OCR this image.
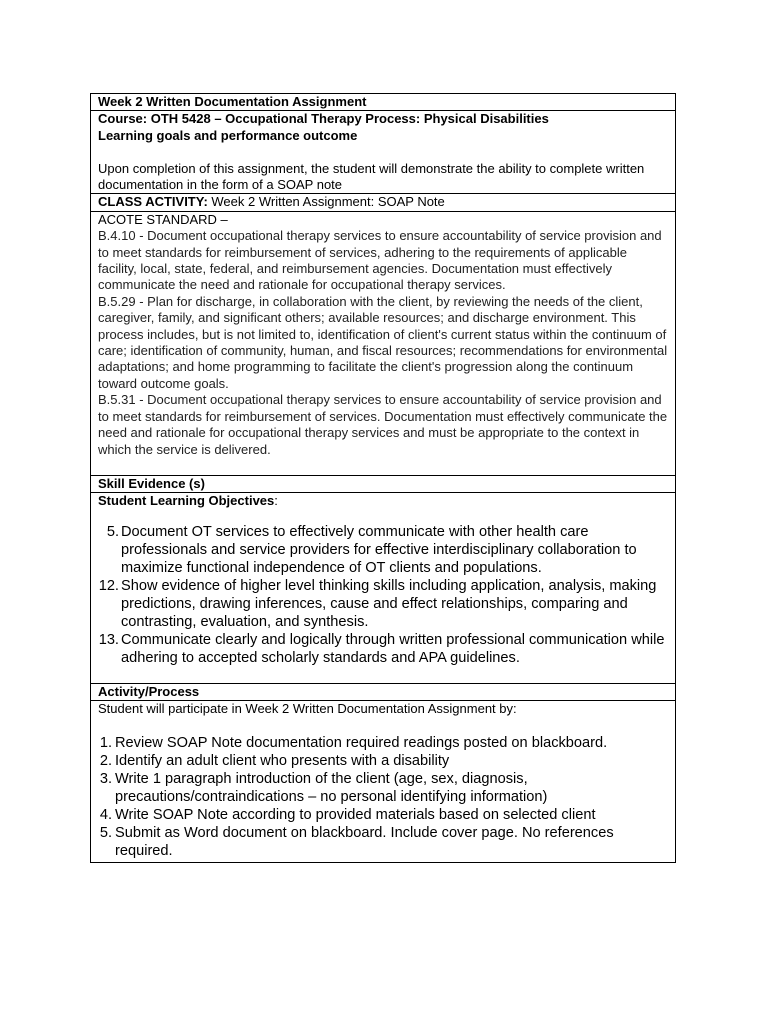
Week 2 Written Documentation Assignment
Course: OTH 5428 – Occupational Therapy Process: Physical Disabilities
Learning goals and performance outcome
Upon completion of this assignment, the student will demonstrate the ability to complete written documentation in the form of a SOAP note
CLASS ACTIVITY: Week 2 Written Assignment: SOAP Note
ACOTE STANDARD –
B.4.10 - Document occupational therapy services to ensure accountability of service provision and to meet standards for reimbursement of services, adhering to the requirements of applicable facility, local, state, federal, and reimbursement agencies. Documentation must effectively communicate the need and rationale for occupational therapy services.
B.5.29 - Plan for discharge, in collaboration with the client, by reviewing the needs of the client, caregiver, family, and significant others; available resources; and discharge environment. This process includes, but is not limited to, identification of client's current status within the continuum of care; identification of community, human, and fiscal resources; recommendations for environmental adaptations; and home programming to facilitate the client's progression along the continuum toward outcome goals.
B.5.31 - Document occupational therapy services to ensure accountability of service provision and to meet standards for reimbursement of services. Documentation must effectively communicate the need and rationale for occupational therapy services and must be appropriate to the context in which the service is delivered.
Skill Evidence (s)
Student Learning Objectives:
5. Document OT services to effectively communicate with other health care professionals and service providers for effective interdisciplinary collaboration to maximize functional independence of OT clients and populations.
12. Show evidence of higher level thinking skills including application, analysis, making predictions, drawing inferences, cause and effect relationships, comparing and contrasting, evaluation, and synthesis.
13. Communicate clearly and logically through written professional communication while adhering to accepted scholarly standards and APA guidelines.
Activity/Process
Student will participate in Week 2 Written Documentation Assignment by:
1. Review SOAP Note documentation required readings posted on blackboard.
2. Identify an adult client who presents with a disability
3. Write 1 paragraph introduction of the client (age, sex, diagnosis, precautions/contraindications – no personal identifying information)
4. Write SOAP Note according to provided materials based on selected client
5. Submit as Word document on blackboard. Include cover page. No references required.
